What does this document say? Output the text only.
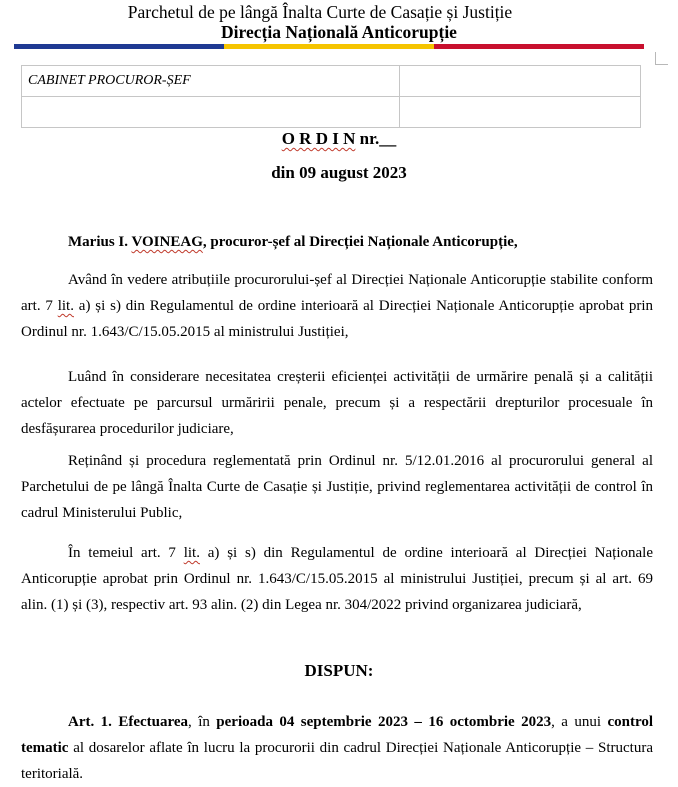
Parchetul de pe lângă Înalta Curte de Casație și Justiție
Direcția Națională Anticorupție
CABINET PROCUROR-ȘEF	

O R D I N nr.__
din 09 august 2023
Marius I. VOINEAG, procuror-șef al Direcției Naționale Anticorupție,

Având în vedere atribuțiile procurorului-șef al Direcției Naționale Anticorupție stabilite conform art. 7 lit. a) și s) din Regulamentul de ordine interioară al Direcției Naționale Anticorupție aprobat prin Ordinul nr. 1.643/C/15.05.2015 al ministrului Justiției,

Luând în considerare necesitatea creșterii eficienței activității de urmărire penală și a calității actelor efectuate pe parcursul urmăririi penale, precum și a respectării drepturilor procesuale în desfășurarea procedurilor judiciare,

Reținând și procedura reglementată prin Ordinul nr. 5/12.01.2016 al procurorului general al Parchetului de pe lângă Înalta Curte de Casație și Justiție, privind reglementarea activității de control în cadrul Ministerului Public,

În temeiul art. 7 lit. a) și s) din Regulamentul de ordine interioară al Direcției Naționale Anticorupție aprobat prin Ordinul nr. 1.643/C/15.05.2015 al ministrului Justiției, precum și al art. 69 alin. (1) și (3), respectiv art. 93 alin. (2) din Legea nr. 304/2022 privind organizarea judiciară,

DISPUN:

Art. 1. Efectuarea, în perioada 04 septembrie 2023 – 16 octombrie 2023, a unui control tematic al dosarelor aflate în lucru la procurorii din cadrul Direcției Naționale Anticorupție – Structura teritorială.
